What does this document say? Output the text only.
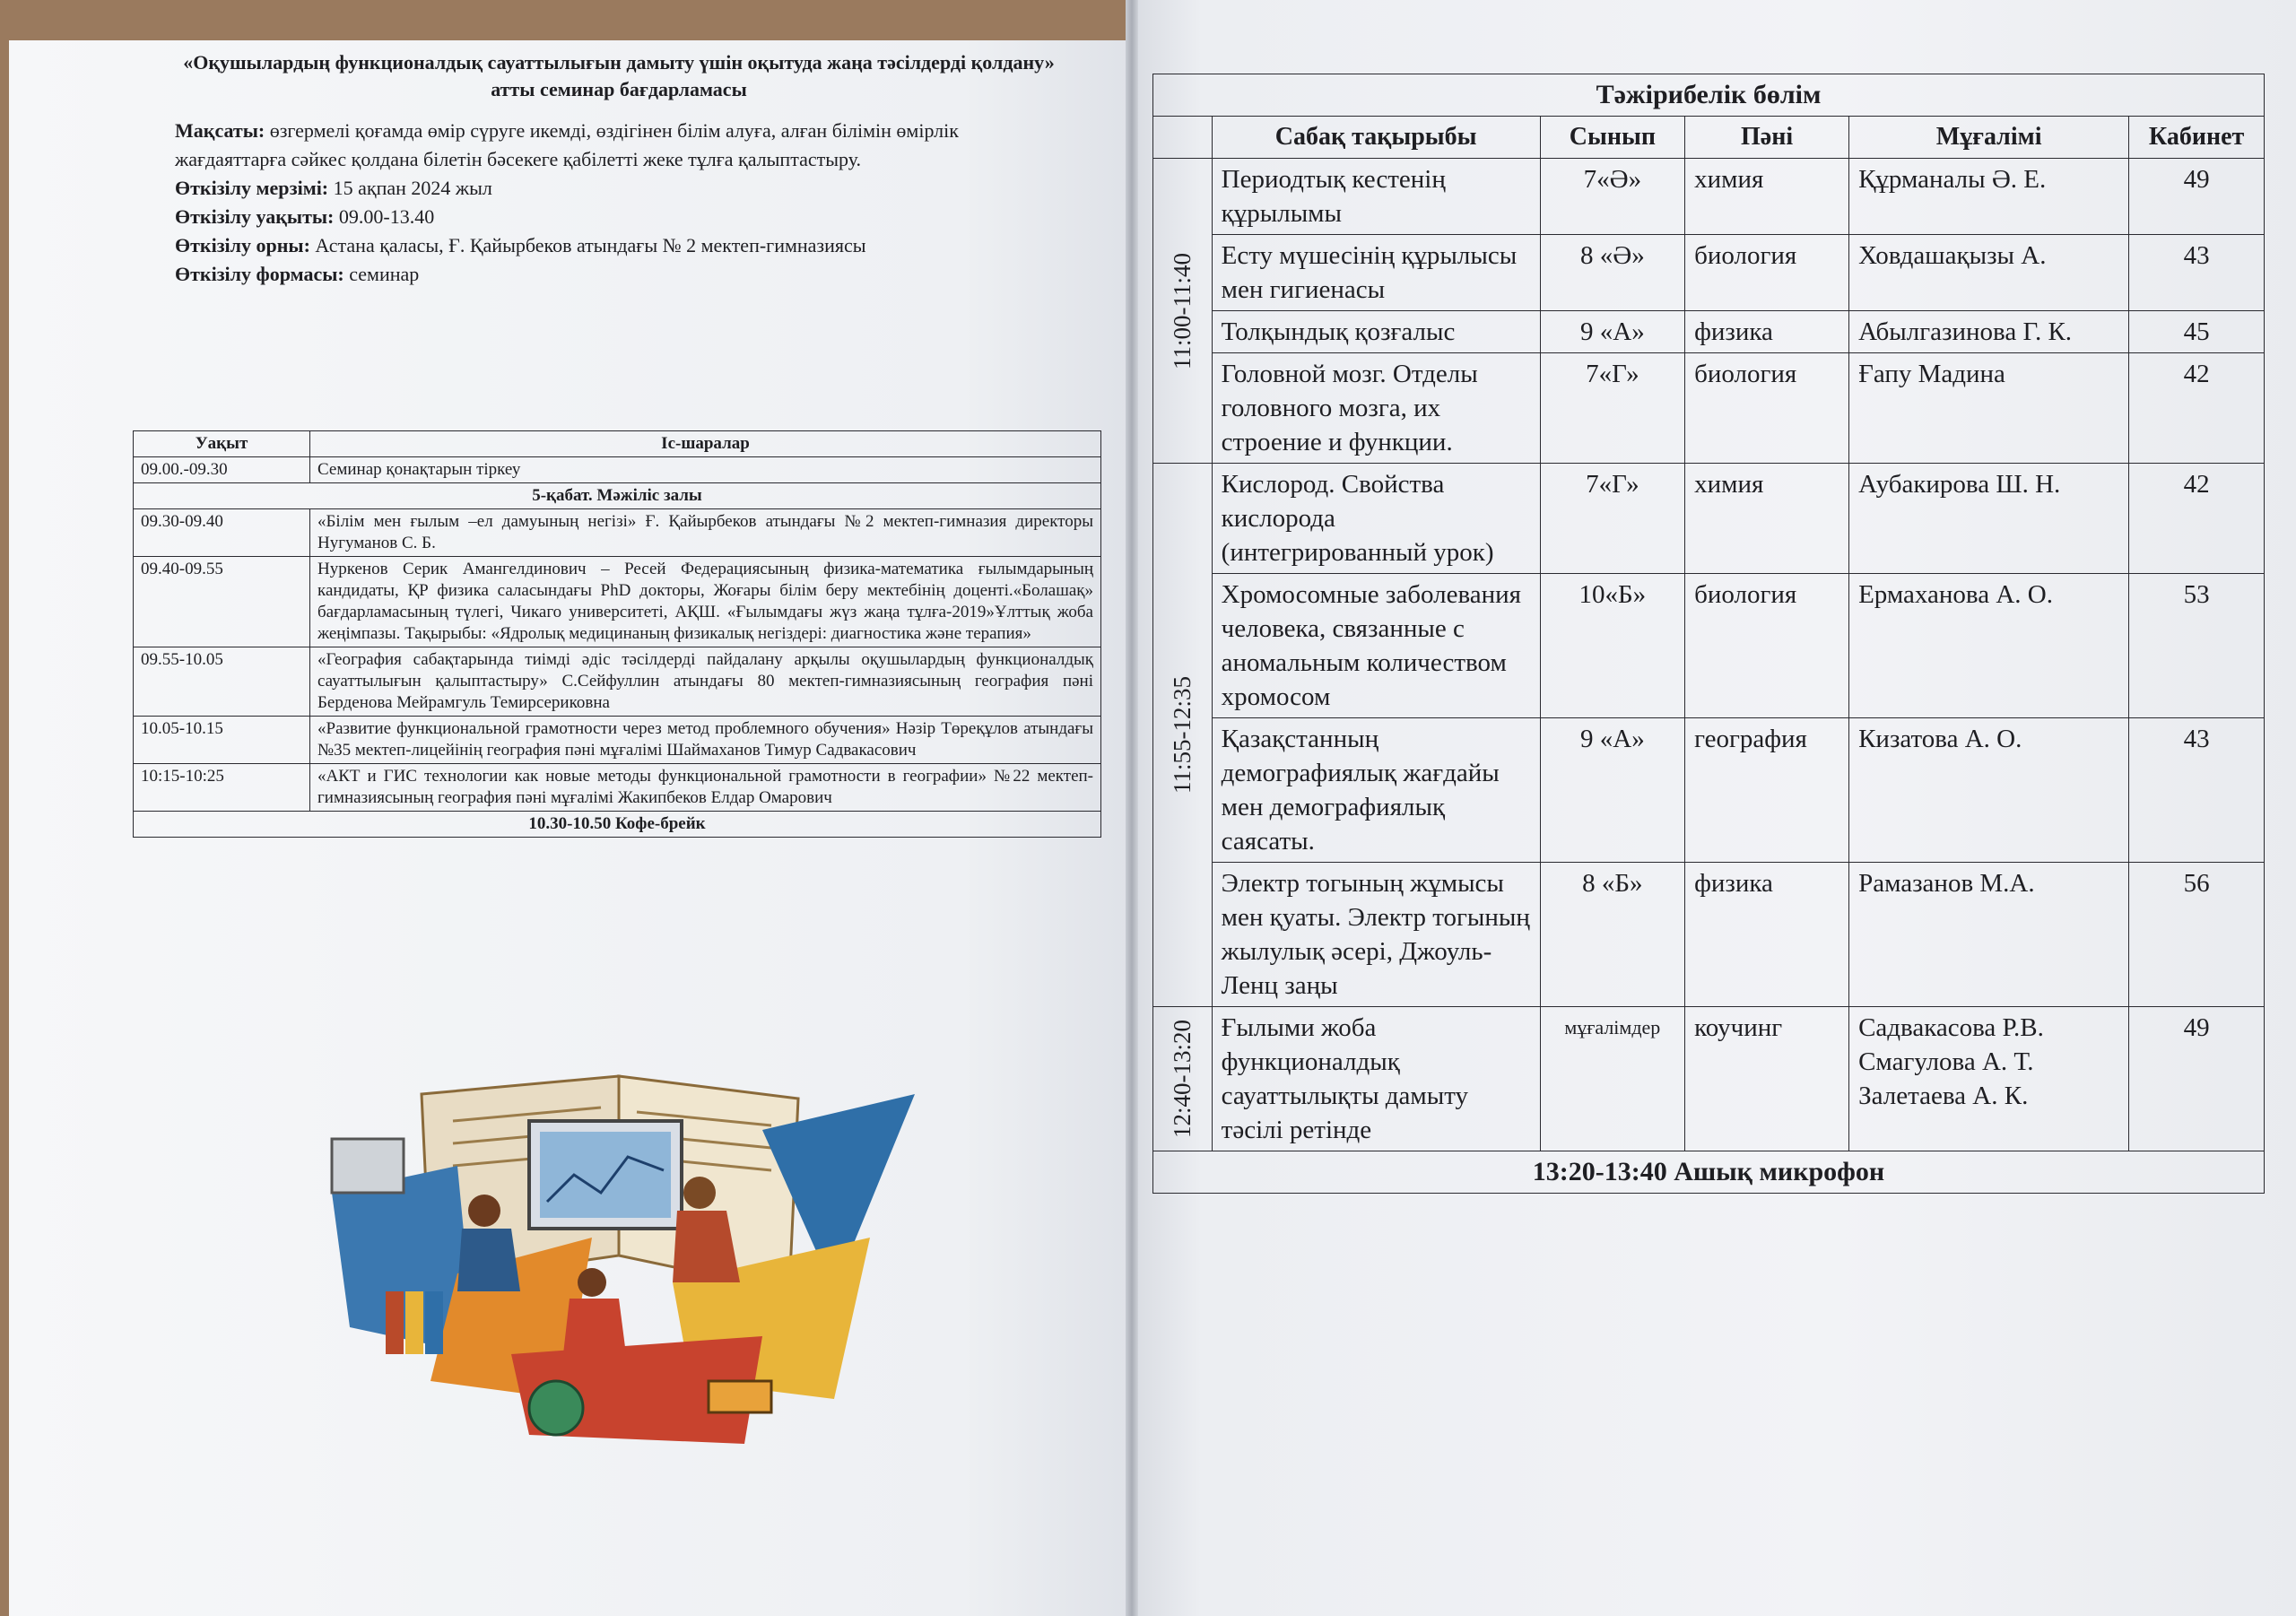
«Оқушылардың функционалдық сауаттылығын дамыту үшін оқытуда жаңа тәсілдерді қолдану» атты семинар бағдарламасы

Мақсаты: өзгермелі қоғамда өмір сүруге икемді, өздігінен білім алуға, алған білімін өмірлік жағдаяттарға сәйкес қолдана білетін бәсекеге қабілетті жеке тұлға қалыптастыру.

Өткізілу мерзімі: 15 ақпан 2024 жыл

Өткізілу уақыты: 09.00-13.40

Өткізілу орны: Астана қаласы, Ғ. Қайырбеков атындағы № 2 мектеп-гимназиясы

Өткізілу формасы: семинар

Уақыт	Іс-шаралар
09.00.-09.30	Семинар қонақтарын тіркеу
5-қабат. Мәжіліс залы	
09.30-09.40	«Білім мен ғылым –ел дамуының негізі» Ғ. Қайырбеков атындағы №2 мектеп-гимназия директоры Нугуманов С. Б.
09.40-09.55	Нуркенов Серик Амангелдинович – Ресей Федерациясының физика-математика ғылымдарының кандидаты, ҚР физика саласындағы PhD докторы, Жоғары білім беру мектебінің доценті.«Болашақ» бағдарламасының түлегі, Чикаго университеті, АҚШ. «Ғылымдағы жүз жаңа тұлға-2019»Ұлттық жоба жеңімпазы. Тақырыбы: «Ядролық медицинаның физикалық негіздері: диагностика және терапия»
09.55-10.05	«География сабақтарында тиімді әдіс тәсілдерді пайдалану арқылы оқушылардың функционалдық сауаттылығын қалыптастыру» С.Сейфуллин атындағы 80 мектеп-гимназиясының география пәні Берденова Мейрамгуль Темирсериковна
10.05-10.15	«Развитие функциональной грамотности через метод проблемного обучения» Нәзір Төреқұлов атындағы №35 мектеп-лицейінің география пәні мұғалімі Шаймаханов Тимур Садвакасович
10:15-10:25	«АКТ и ГИС технологии как новые методы функциональной грамотности в географии» №22 мектеп-гимназиясының география пәні мұғалімі Жакипбеков Елдар Омарович
10.30-10.50 Кофе-брейк	
Тәжірибелік бөлім					
	Сабақ тақырыбы	Сынып	Пәні	Мұғалімі	Кабинет

11:00-11:40	Периодтық кестенің құрылымы	7«Ә»	химия	Құрманалы Ә. Е.	49
	Есту мүшесінің құрылысы мен гигиенасы	8 «Ә»	биология	Ховдашақызы А.	43
	Толқындық қозғалыс	9 «А»	физика	Абылгазинова Г. К.	45
	Головной мозг. Отделы головного мозга, их строение и функции.	7«Г»	биология	Ғапу Мадина	42

11:55-12:35	Кислород. Свойства кислорода (интегрированный урок)	7«Г»	химия	Аубакирова Ш. Н.	42
	Хромосомные заболевания человека, связанные с аномальным количеством хромосом	10«Б»	биология	Ермаханова А. О.	53
	Қазақстанның демографиялық жағдайы мен демографиялық саясаты.	9 «А»	география	Кизатова А. О.	43
	Электр тогының жұмысы мен қуаты. Электр тогының жылулық әсері, Джоуль-Ленц заңы	8 «Б»	физика	Рамазанов М.А.	56

12:40-13:20	Ғылыми жоба функционалдық сауаттылықты дамыту тәсілі ретінде	мұғалімдер	коучинг	Садвакасова Р.В. Смагулова А. Т. Залетаева А. К.	49
13:20-13:40 Ашық микрофон					
